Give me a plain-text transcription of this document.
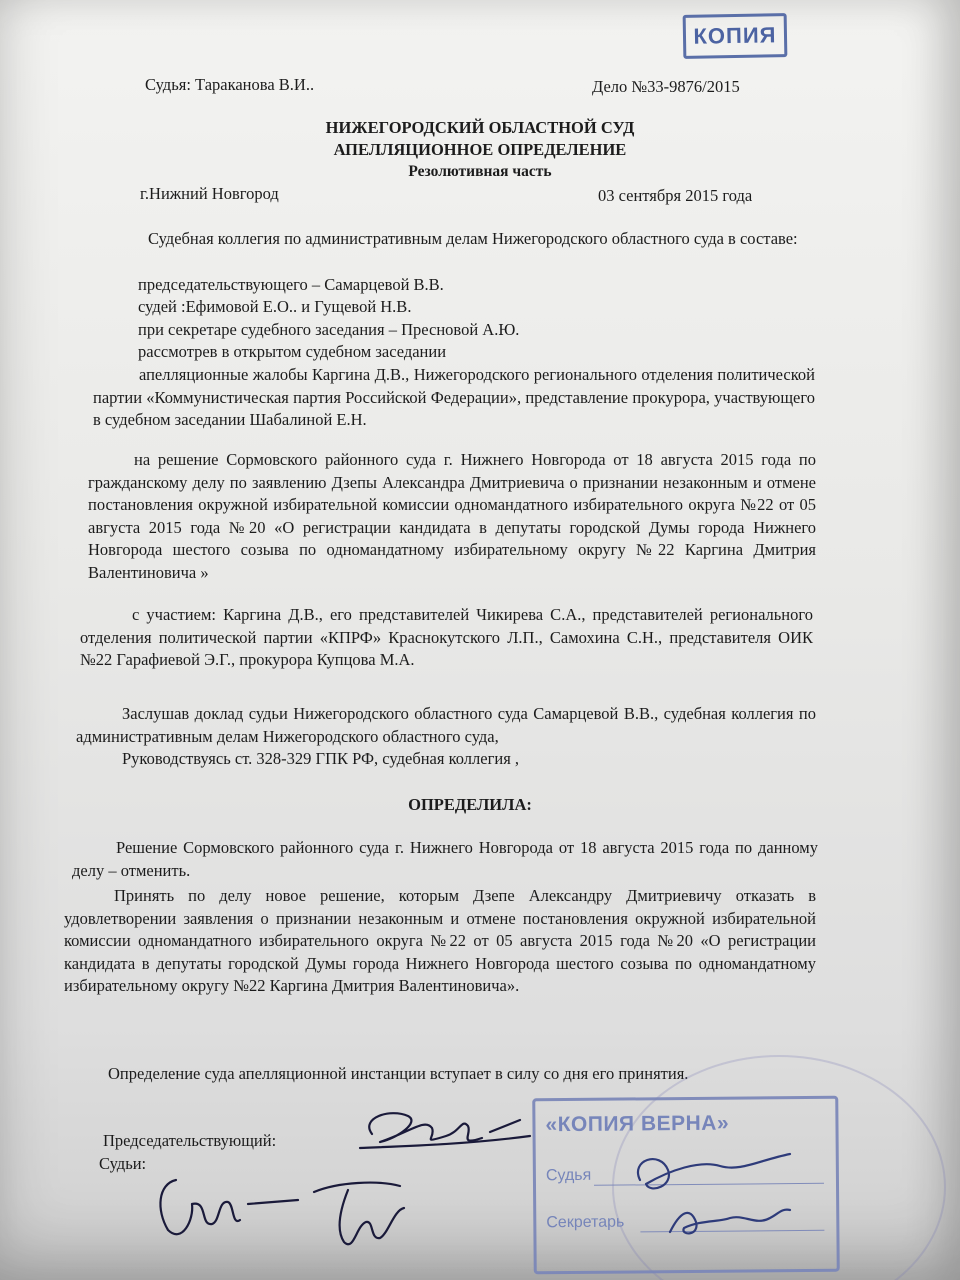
КОПИЯ
Судья: Тараканова В.И..	Дело №33-9876/2015
НИЖЕГОРОДСКИЙ ОБЛАСТНОЙ СУД
АПЕЛЛЯЦИОННОЕ ОПРЕДЕЛЕНИЕ
Резолютивная часть
г.Нижний Новгород	03 сентября 2015 года
Судебная коллегия по административным делам Нижегородского областного суда в составе:
председательствующего – Самарцевой В.В.
судей :Ефимовой Е.О.. и Гущевой Н.В.
при секретаре судебного заседания – Пресновой А.Ю.
рассмотрев в открытом судебном заседании
апелляционные жалобы Каргина Д.В., Нижегородского регионального отделения политической партии «Коммунистическая партия Российской Федерации», представление прокурора, участвующего в судебном заседании Шабалиной Е.Н.
на решение Сормовского районного суда г. Нижнего Новгорода от 18 августа 2015 года по гражданскому делу по заявлению Дзепы Александра Дмитриевича о признании незаконным и отмене постановления окружной избирательной комиссии одномандатного избирательного округа №22 от 05 августа 2015 года №20 «О регистрации кандидата в депутаты городской Думы города Нижнего Новгорода шестого созыва по одномандатному избирательному округу №22 Каргина Дмитрия Валентиновича »
с участием: Каргина Д.В., его представителей Чикирева С.А., представителей регионального отделения политической партии «КПРФ» Краснокутского Л.П., Самохина С.Н., представителя ОИК №22 Гарафиевой Э.Г., прокурора Купцова М.А.
Заслушав доклад судьи Нижегородского областного суда Самарцевой В.В., судебная коллегия по административным делам Нижегородского областного суда,
Руководствуясь ст. 328-329 ГПК РФ, судебная коллегия ,
ОПРЕДЕЛИЛА:
Решение Сормовского районного суда г. Нижнего Новгорода от 18 августа 2015 года по данному делу – отменить.
Принять по делу новое решение, которым Дзепе Александру Дмитриевичу отказать в удовлетворении заявления о признании незаконным и отмене постановления окружной избирательной комиссии одномандатного избирательного округа №22 от 05 августа 2015 года №20 «О регистрации кандидата в депутаты городской Думы города Нижнего Новгорода шестого созыва по одномандатному избирательному округу №22 Каргина Дмитрия Валентиновича».
Определение суда апелляционной инстанции вступает в силу со дня его принятия.
Председательствующий:
Судьи:
«КОПИЯ ВЕРНА»
Судья
Секретарь
